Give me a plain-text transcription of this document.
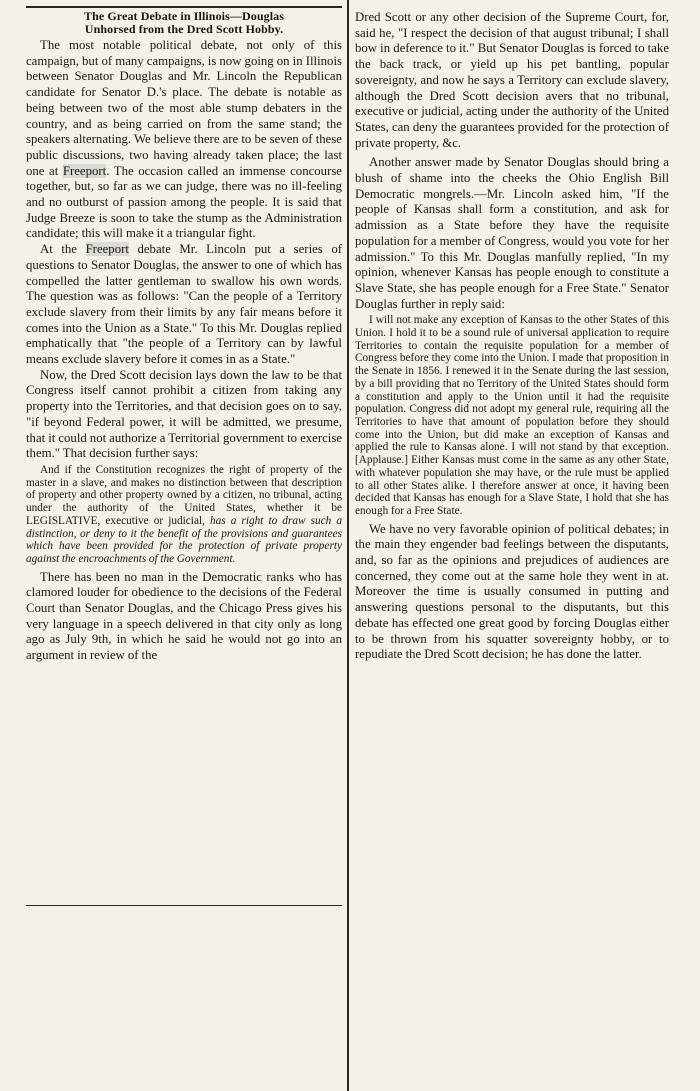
The Great Debate in Illinois—Douglas
Unhorsed from the Dred Scott Hobby.

The most notable political debate, not only of this campaign, but of many campaigns, is now going on in Illinois between Senator Douglas and Mr. Lincoln the Republican candidate for Senator D.'s place. The debate is notable as being between two of the most able stump debaters in the country, and as being carried on from the same stand; the speakers alternating. We believe there are to be seven of these public discussions, two having already taken place; the last one at Freeport. The occasion called an immense concourse together, but, so far as we can judge, there was no ill-feeling and no outburst of passion among the people. It is said that Judge Breeze is soon to take the stump as the Administration candidate; this will make it a triangular fight.

At the Freeport debate Mr. Lincoln put a series of questions to Senator Douglas, the answer to one of which has compelled the latter gentleman to swallow his own words. The question was as follows: "Can the people of a Territory exclude slavery from their limits by any fair means before it comes into the Union as a State." To this Mr. Douglas replied emphatically that "the people of a Territory can by lawful means exclude slavery before it comes in as a State."

Now, the Dred Scott decision lays down the law to be that Congress itself cannot prohibit a citizen from taking any property into the Territories, and that decision goes on to say, "if beyond Federal power, it will be admitted, we presume, that it could not authorize a Territorial government to exercise them." That decision further says:

And if the Constitution recognizes the right of property of the master in a slave, and makes no distinction between that description of property and other property owned by a citizen, no tribunal, acting under the authority of the United States, whether it be LEGISLATIVE, executive or judicial, has a right to draw such a distinction, or deny to it the benefit of the provisions and guarantees which have been provided for the protection of private property against the encroachments of the Government.

There has been no man in the Democratic ranks who has clamored louder for obedience to the decisions of the Federal Court than Senator Douglas, and the Chicago Press gives his very language in a speech delivered in that city only as long ago as July 9th, in which he said he would not go into an argument in review of the

Dred Scott or any other decision of the Supreme Court, for, said he, "I respect the decision of that august tribunal; I shall bow in deference to it." But Senator Douglas is forced to take the back track, or yield up his pet bantling, popular sovereignty, and now he says a Territory can exclude slavery, although the Dred Scott decision avers that no tribunal, executive or judicial, acting under the authority of the United States, can deny the guarantees provided for the protection of private property, &c.

Another answer made by Senator Douglas should bring a blush of shame into the cheeks the Ohio English Bill Democratic mongrels.—Mr. Lincoln asked him, "If the people of Kansas shall form a constitution, and ask for admission as a State before they have the requisite population for a member of Congress, would you vote for her admission." To this Mr. Douglas manfully replied, "In my opinion, whenever Kansas has people enough to constitute a Slave State, she has people enough for a Free State." Senator Douglas further in reply said:

I will not make any exception of Kansas to the other States of this Union. I hold it to be a sound rule of universal application to require Territories to contain the requisite population for a member of Congress before they come into the Union. I made that proposition in the Senate in 1856. I renewed it in the Senate during the last session, by a bill providing that no Territory of the United States should form a constitution and apply to the Union until it had the requisite population. Congress did not adopt my general rule, requiring all the Territories to have that amount of population before they should come into the Union, but did make an exception of Kansas and applied the rule to Kansas alone. I will not stand by that exception. [Applause.] Either Kansas must come in the same as any other State, with whatever population she may have, or the rule must be applied to all other States alike. I therefore answer at once, it having been decided that Kansas has enough for a Slave State, I hold that she has enough for a Free State.

We have no very favorable opinion of political debates; in the main they engender bad feelings between the disputants, and, so far as the opinions and prejudices of audiences are concerned, they come out at the same hole they went in at. Moreover the time is usually consumed in putting and answering questions personal to the disputants, but this debate has effected one great good by forcing Douglas either to be thrown from his squatter sovereignty hobby, or to repudiate the Dred Scott decision; he has done the latter.
